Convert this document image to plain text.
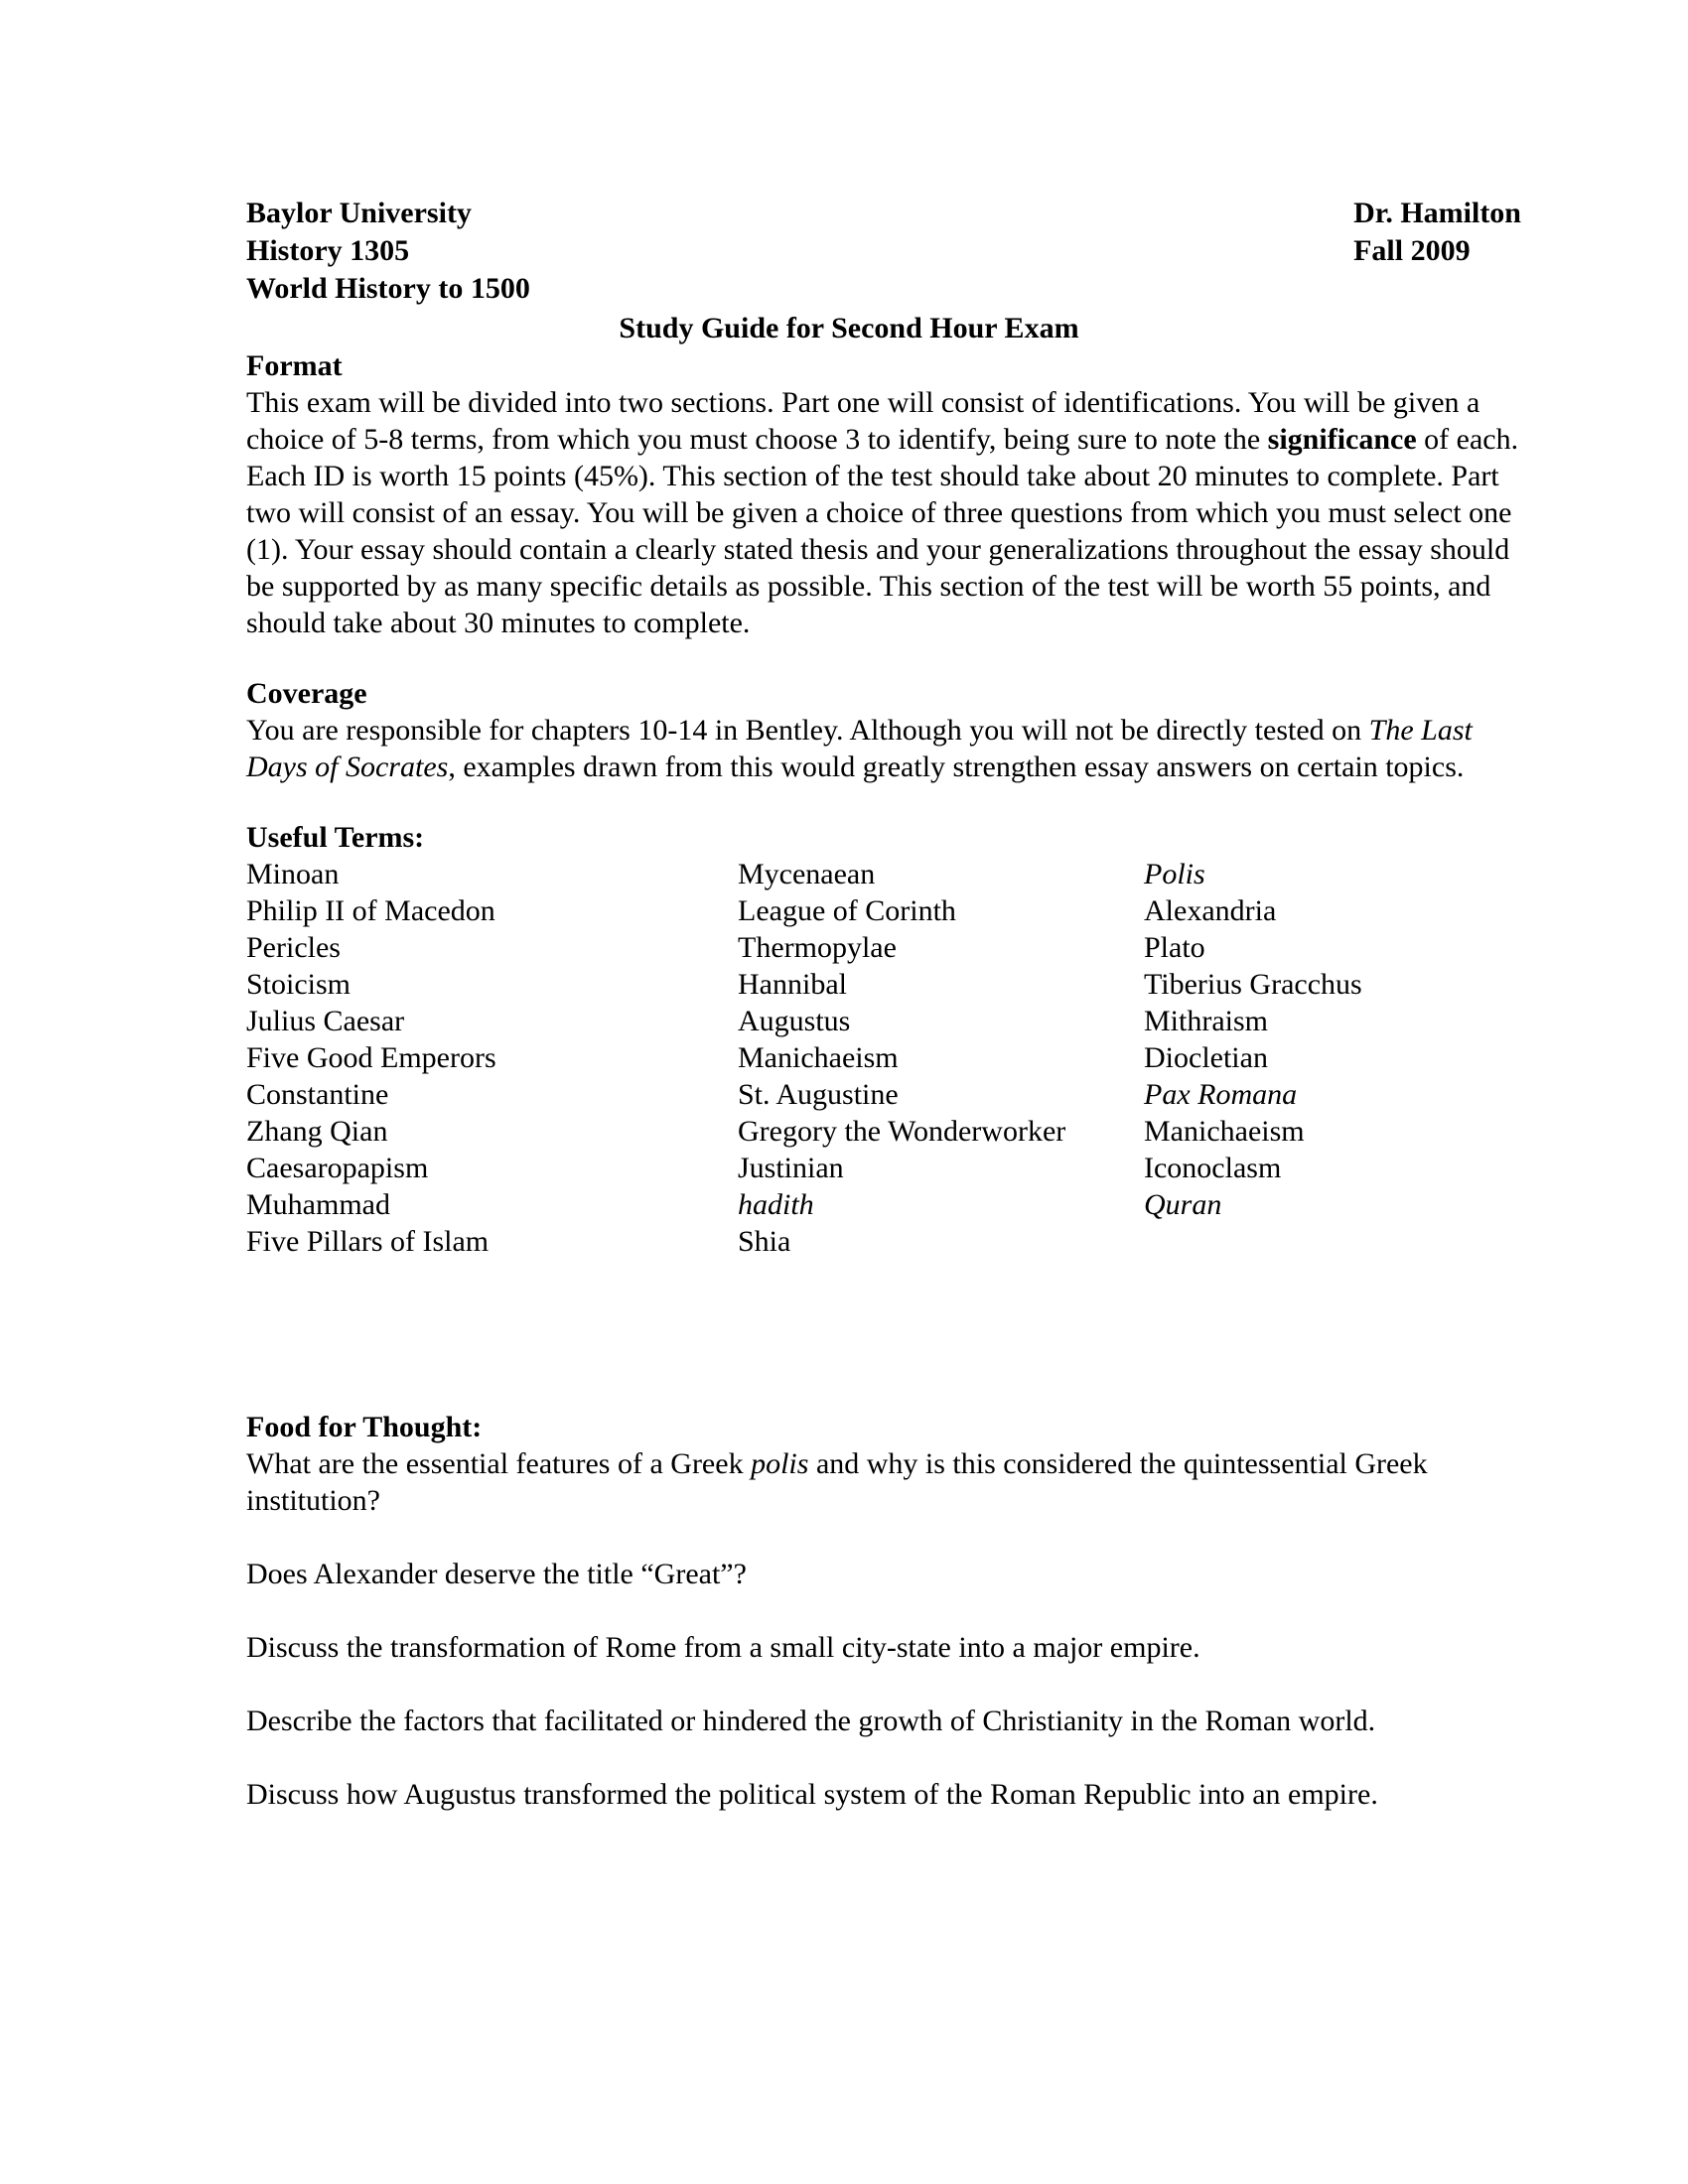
Baylor University
History 1305
World History to 1500
Dr. Hamilton
Fall 2009
Study Guide for Second Hour Exam
Format
This exam will be divided into two sections. Part one will consist of identifications. You will be given a choice of 5-8 terms, from which you must choose 3 to identify, being sure to note the significance of each. Each ID is worth 15 points (45%). This section of the test should take about 20 minutes to complete. Part two will consist of an essay. You will be given a choice of three questions from which you must select one (1). Your essay should contain a clearly stated thesis and your generalizations throughout the essay should be supported by as many specific details as possible. This section of the test will be worth 55 points, and should take about 30 minutes to complete.
Coverage
You are responsible for chapters 10-14 in Bentley. Although you will not be directly tested on The Last Days of Socrates, examples drawn from this would greatly strengthen essay answers on certain topics.
Useful Terms:
Minoan	Mycenaean	Polis
Philip II of Macedon	League of Corinth	Alexandria
Pericles	Thermopylae	Plato
Stoicism	Hannibal	Tiberius Gracchus
Julius Caesar	Augustus	Mithraism
Five Good Emperors	Manichaeism	Diocletian
Constantine	St. Augustine	Pax Romana
Zhang Qian	Gregory the Wonderworker	Manichaeism
Caesaropapism	Justinian	Iconoclasm
Muhammad	hadith	Quran
Five Pillars of Islam	Shia

Food for Thought:
What are the essential features of a Greek polis and why is this considered the quintessential Greek institution?
Does Alexander deserve the title “Great”?
Discuss the transformation of Rome from a small city-state into a major empire.
Describe the factors that facilitated or hindered the growth of Christianity in the Roman world.
Discuss how Augustus transformed the political system of the Roman Republic into an empire.
